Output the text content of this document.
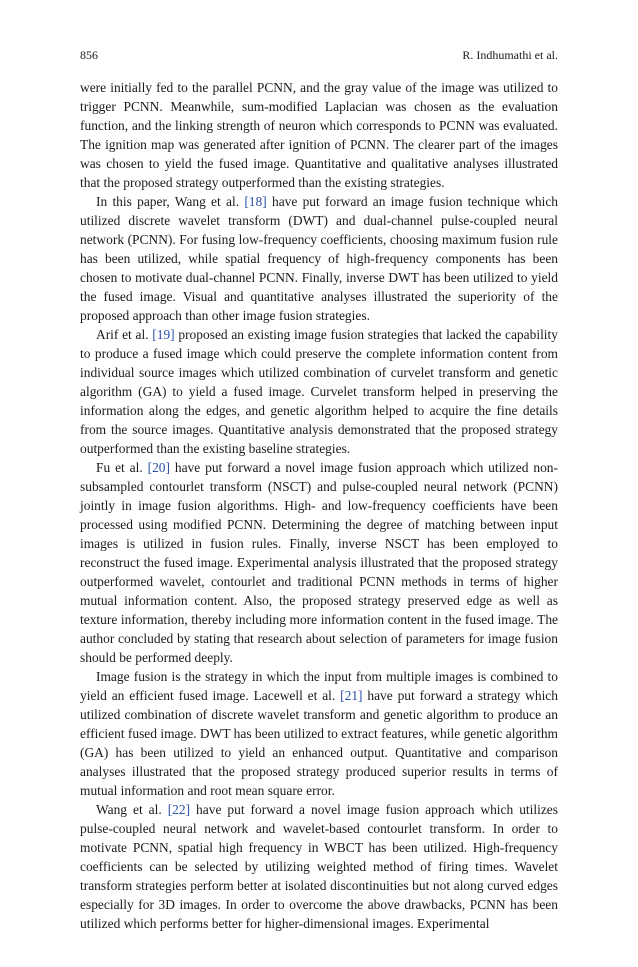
856	R. Indhumathi et al.

were initially fed to the parallel PCNN, and the gray value of the image was utilized to trigger PCNN. Meanwhile, sum-modified Laplacian was chosen as the evaluation function, and the linking strength of neuron which corresponds to PCNN was evaluated. The ignition map was generated after ignition of PCNN. The clearer part of the images was chosen to yield the fused image. Quantitative and qualitative analyses illustrated that the proposed strategy outperformed than the existing strategies.

In this paper, Wang et al. [18] have put forward an image fusion technique which utilized discrete wavelet transform (DWT) and dual-channel pulse-coupled neural network (PCNN). For fusing low-frequency coefficients, choosing maximum fusion rule has been utilized, while spatial frequency of high-frequency components has been chosen to motivate dual-channel PCNN. Finally, inverse DWT has been utilized to yield the fused image. Visual and quantitative analyses illustrated the superiority of the proposed approach than other image fusion strategies.

Arif et al. [19] proposed an existing image fusion strategies that lacked the capability to produce a fused image which could preserve the complete information content from individual source images which utilized combination of curvelet transform and genetic algorithm (GA) to yield a fused image. Curvelet transform helped in preserving the information along the edges, and genetic algorithm helped to acquire the fine details from the source images. Quantitative analysis demonstrated that the proposed strategy outperformed than the existing baseline strategies.

Fu et al. [20] have put forward a novel image fusion approach which utilized non-subsampled contourlet transform (NSCT) and pulse-coupled neural network (PCNN) jointly in image fusion algorithms. High- and low-frequency coefficients have been processed using modified PCNN. Determining the degree of matching between input images is utilized in fusion rules. Finally, inverse NSCT has been employed to reconstruct the fused image. Experimental analysis illustrated that the proposed strategy outperformed wavelet, contourlet and traditional PCNN methods in terms of higher mutual information content. Also, the proposed strategy preserved edge as well as texture information, thereby including more information content in the fused image. The author concluded by stating that research about selection of parameters for image fusion should be performed deeply.

Image fusion is the strategy in which the input from multiple images is combined to yield an efficient fused image. Lacewell et al. [21] have put forward a strategy which utilized combination of discrete wavelet transform and genetic algorithm to produce an efficient fused image. DWT has been utilized to extract features, while genetic algorithm (GA) has been utilized to yield an enhanced output. Quantitative and comparison analyses illustrated that the proposed strategy produced superior results in terms of mutual information and root mean square error.

Wang et al. [22] have put forward a novel image fusion approach which utilizes pulse-coupled neural network and wavelet-based contourlet transform. In order to motivate PCNN, spatial high frequency in WBCT has been utilized. High-frequency coefficients can be selected by utilizing weighted method of firing times. Wavelet transform strategies perform better at isolated discontinuities but not along curved edges especially for 3D images. In order to overcome the above drawbacks, PCNN has been utilized which performs better for higher-dimensional images. Experimental
